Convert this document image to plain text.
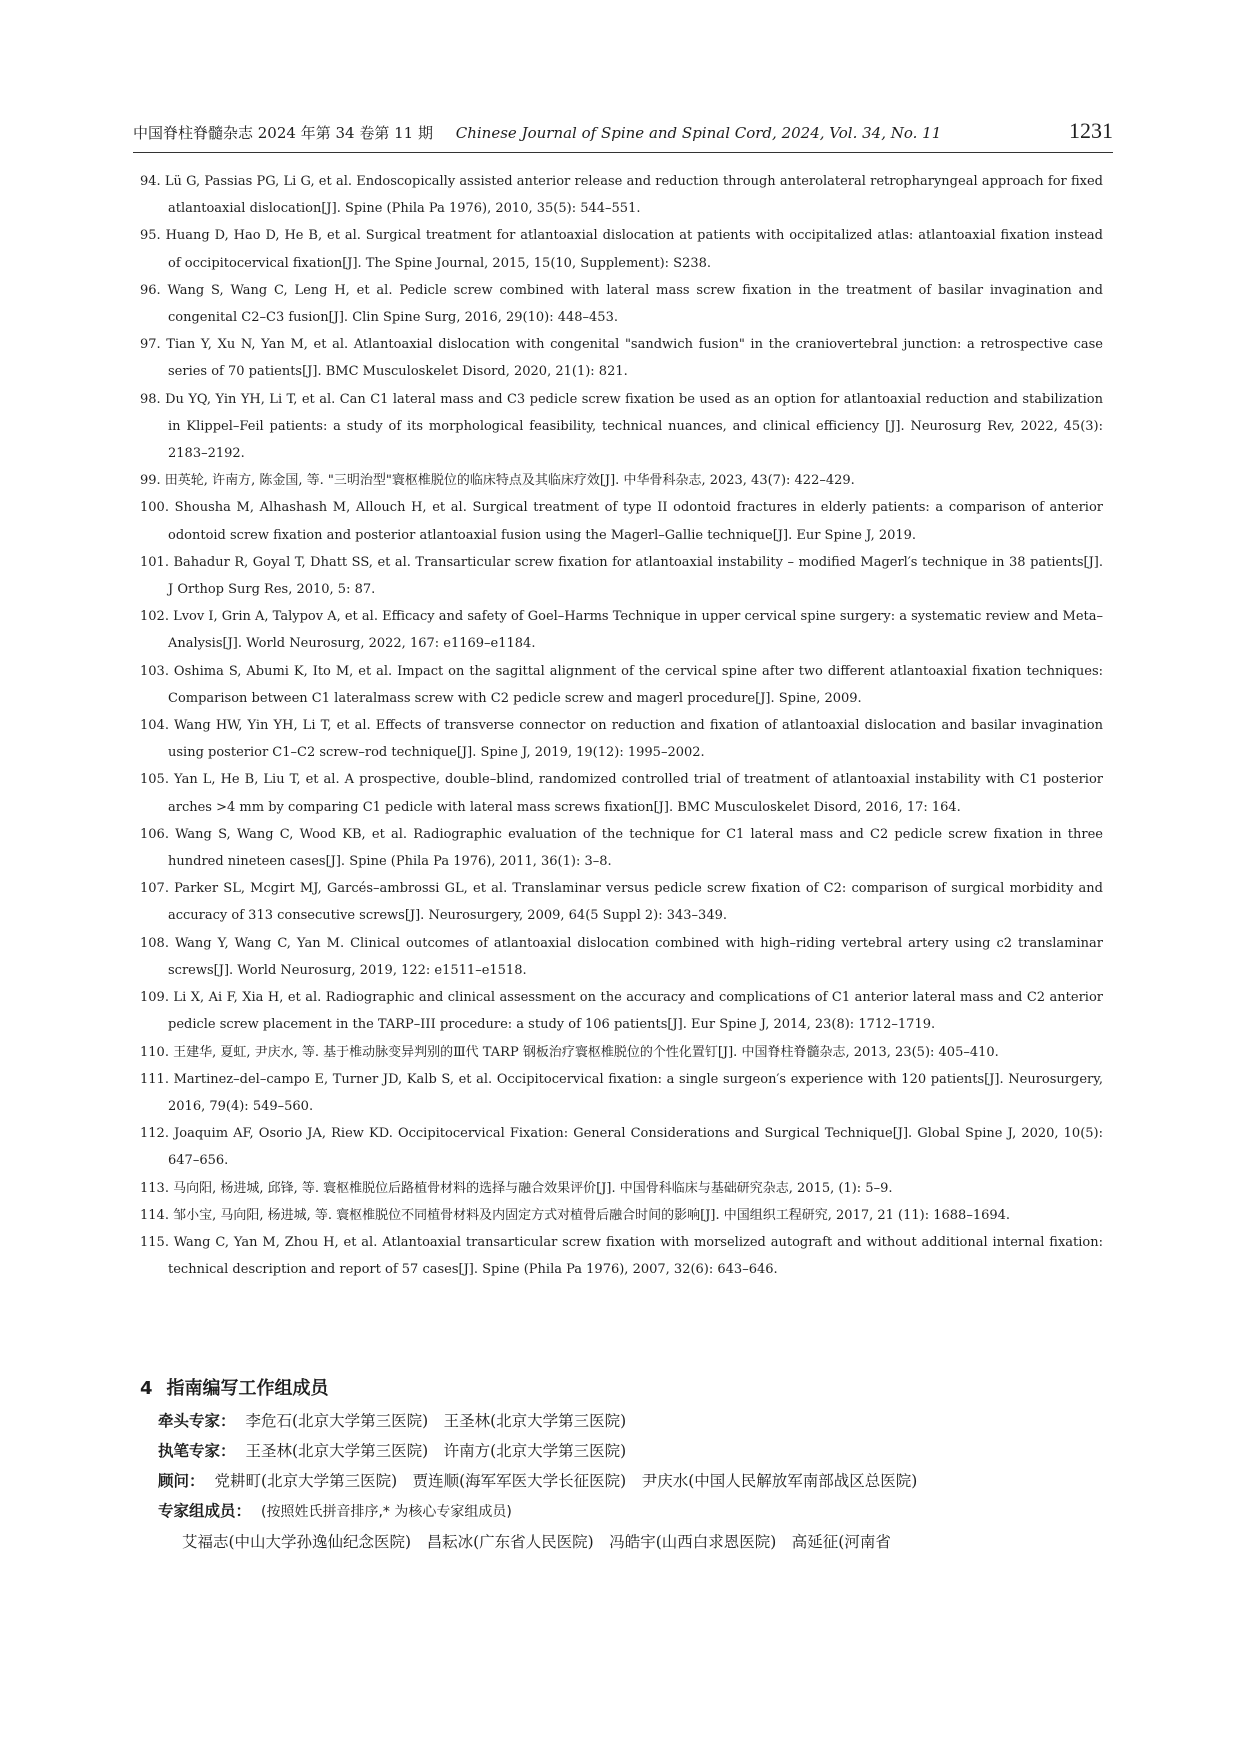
中国脊柱脊髓杂志 2024 年第 34 卷第 11 期 Chinese Journal of Spine and Spinal Cord, 2024, Vol. 34, No. 11	1231

94. Lü G, Passias PG, Li G, et al. Endoscopically assisted anterior release and reduction through anterolateral retropharyngeal approach for fixed atlantoaxial dislocation[J]. Spine (Phila Pa 1976), 2010, 35(5): 544–551.

95. Huang D, Hao D, He B, et al. Surgical treatment for atlantoaxial dislocation at patients with occipitalized atlas: atlantoaxial fixation instead of occipitocervical fixation[J]. The Spine Journal, 2015, 15(10, Supplement): S238.

96. Wang S, Wang C, Leng H, et al. Pedicle screw combined with lateral mass screw fixation in the treatment of basilar invagination and congenital C2–C3 fusion[J]. Clin Spine Surg, 2016, 29(10): 448–453.

97. Tian Y, Xu N, Yan M, et al. Atlantoaxial dislocation with congenital "sandwich fusion" in the craniovertebral junction: a retrospective case series of 70 patients[J]. BMC Musculoskelet Disord, 2020, 21(1): 821.

98. Du YQ, Yin YH, Li T, et al. Can C1 lateral mass and C3 pedicle screw fixation be used as an option for atlantoaxial reduction and stabilization in Klippel–Feil patients: a study of its morphological feasibility, technical nuances, and clinical efficiency [J]. Neurosurg Rev, 2022, 45(3): 2183–2192.

99. 田英轮, 许南方, 陈金国, 等. "三明治型"寰枢椎脱位的临床特点及其临床疗效[J]. 中华骨科杂志, 2023, 43(7): 422–429.

100. Shousha M, Alhashash M, Allouch H, et al. Surgical treatment of type II odontoid fractures in elderly patients: a comparison of anterior odontoid screw fixation and posterior atlantoaxial fusion using the Magerl–Gallie technique[J]. Eur Spine J, 2019.

101. Bahadur R, Goyal T, Dhatt SS, et al. Transarticular screw fixation for atlantoaxial instability – modified Magerl′s technique in 38 patients[J]. J Orthop Surg Res, 2010, 5: 87.

102. Lvov I, Grin A, Talypov A, et al. Efficacy and safety of Goel–Harms Technique in upper cervical spine surgery: a systematic review and Meta–Analysis[J]. World Neurosurg, 2022, 167: e1169–e1184.

103. Oshima S, Abumi K, Ito M, et al. Impact on the sagittal alignment of the cervical spine after two different atlantoaxial fixation techniques: Comparison between C1 lateralmass screw with C2 pedicle screw and magerl procedure[J]. Spine, 2009.

104. Wang HW, Yin YH, Li T, et al. Effects of transverse connector on reduction and fixation of atlantoaxial dislocation and basilar invagination using posterior C1–C2 screw–rod technique[J]. Spine J, 2019, 19(12): 1995–2002.

105. Yan L, He B, Liu T, et al. A prospective, double–blind, randomized controlled trial of treatment of atlantoaxial instability with C1 posterior arches >4 mm by comparing C1 pedicle with lateral mass screws fixation[J]. BMC Musculoskelet Disord, 2016, 17: 164.

106. Wang S, Wang C, Wood KB, et al. Radiographic evaluation of the technique for C1 lateral mass and C2 pedicle screw fixation in three hundred nineteen cases[J]. Spine (Phila Pa 1976), 2011, 36(1): 3–8.

107. Parker SL, Mcgirt MJ, Garcés–ambrossi GL, et al. Translaminar versus pedicle screw fixation of C2: comparison of surgical morbidity and accuracy of 313 consecutive screws[J]. Neurosurgery, 2009, 64(5 Suppl 2): 343–349.

108. Wang Y, Wang C, Yan M. Clinical outcomes of atlantoaxial dislocation combined with high–riding vertebral artery using c2 translaminar screws[J]. World Neurosurg, 2019, 122: e1511–e1518.

109. Li X, Ai F, Xia H, et al. Radiographic and clinical assessment on the accuracy and complications of C1 anterior lateral mass and C2 anterior pedicle screw placement in the TARP–III procedure: a study of 106 patients[J]. Eur Spine J, 2014, 23(8): 1712–1719.

110. 王建华, 夏虹, 尹庆水, 等. 基于椎动脉变异判别的Ⅲ代 TARP 钢板治疗寰枢椎脱位的个性化置钉[J]. 中国脊柱脊髓杂志, 2013, 23(5): 405–410.

111. Martinez–del–campo E, Turner JD, Kalb S, et al. Occipitocervical fixation: a single surgeon′s experience with 120 patients[J]. Neurosurgery, 2016, 79(4): 549–560.

112. Joaquim AF, Osorio JA, Riew KD. Occipitocervical Fixation: General Considerations and Surgical Technique[J]. Global Spine J, 2020, 10(5): 647–656.

113. 马向阳, 杨进城, 邱锋, 等. 寰枢椎脱位后路植骨材料的选择与融合效果评价[J]. 中国骨科临床与基础研究杂志, 2015, (1): 5–9.

114. 邹小宝, 马向阳, 杨进城, 等. 寰枢椎脱位不同植骨材料及内固定方式对植骨后融合时间的影响[J]. 中国组织工程研究, 2017, 21 (11): 1688–1694.

115. Wang C, Yan M, Zhou H, et al. Atlantoaxial transarticular screw fixation with morselized autograft and without additional internal fixation: technical description and report of 57 cases[J]. Spine (Phila Pa 1976), 2007, 32(6): 643–646.

4 指南编写工作组成员
牵头专家： 李危石(北京大学第三医院)　王圣林(北京大学第三医院)
执笔专家： 王圣林(北京大学第三医院)　许南方(北京大学第三医院)
顾问： 党耕町(北京大学第三医院)　贾连顺(海军军医大学长征医院)　尹庆水(中国人民解放军南部战区总医院)
专家组成员： (按照姓氏拼音排序,* 为核心专家组成员)
艾福志(中山大学孙逸仙纪念医院)　昌耘冰(广东省人民医院)　冯皓宇(山西白求恩医院)　高延征(河南省
